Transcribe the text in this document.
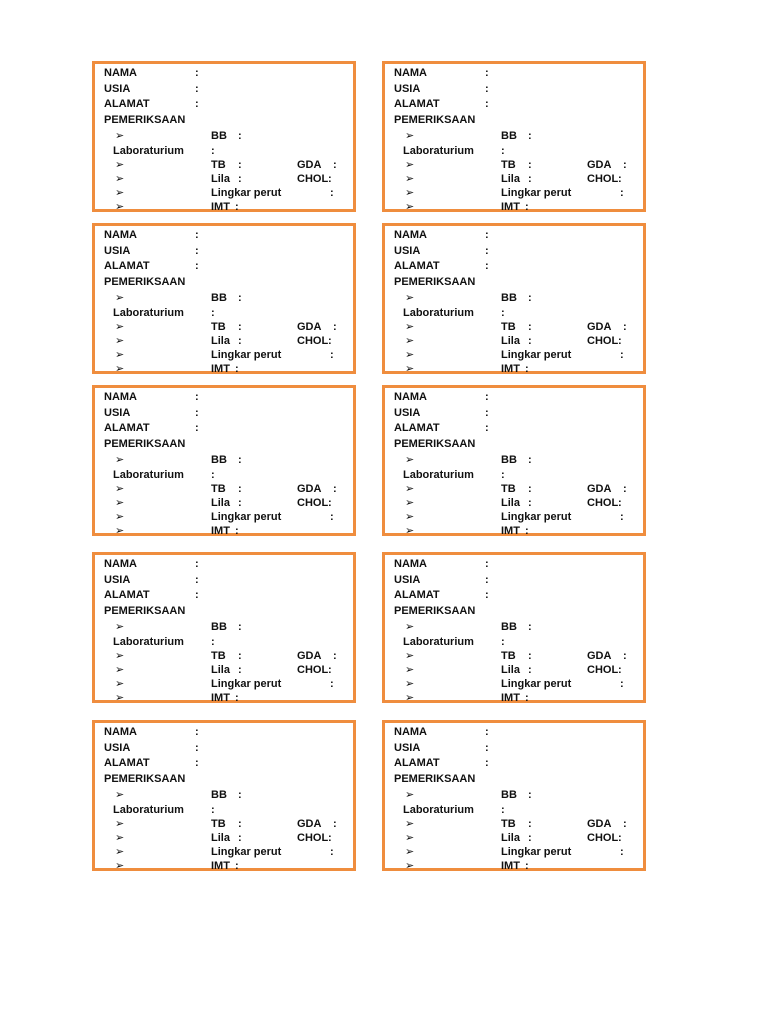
NAMA	:
USIA	:
ALAMAT	:
PEMERIKSAAN
➢	BB :
Laboraturium :
➢	TB :	GDA :
➢	Lila :	CHOL :
➢	Lingkar perut	:
➢	IMT :
NAMA	:
USIA	:
ALAMAT	:
PEMERIKSAAN
➢	BB :
Laboraturium :
➢	TB :	GDA :
➢	Lila :	CHOL :
➢	Lingkar perut	:
➢	IMT :
NAMA	:
USIA	:
ALAMAT	:
PEMERIKSAAN
➢	BB :
Laboraturium :
➢	TB :	GDA :
➢	Lila :	CHOL :
➢	Lingkar perut	:
➢	IMT :
NAMA	:
USIA	:
ALAMAT	:
PEMERIKSAAN
➢	BB :
Laboraturium :
➢	TB :	GDA :
➢	Lila :	CHOL :
➢	Lingkar perut	:
➢	IMT :
NAMA	:
USIA	:
ALAMAT	:
PEMERIKSAAN
➢	BB :
Laboraturium :
➢	TB :	GDA :
➢	Lila :	CHOL :
➢	Lingkar perut	:
➢	IMT :
NAMA	:
USIA	:
ALAMAT	:
PEMERIKSAAN
➢	BB :
Laboraturium :
➢	TB :	GDA :
➢	Lila :	CHOL :
➢	Lingkar perut	:
➢	IMT :
NAMA	:
USIA	:
ALAMAT	:
PEMERIKSAAN
➢	BB :
Laboraturium :
➢	TB :	GDA :
➢	Lila :	CHOL :
➢	Lingkar perut	:
➢	IMT :
NAMA	:
USIA	:
ALAMAT	:
PEMERIKSAAN
➢	BB :
Laboraturium :
➢	TB :	GDA :
➢	Lila :	CHOL :
➢	Lingkar perut	:
➢	IMT :
NAMA	:
USIA	:
ALAMAT	:
PEMERIKSAAN
➢	BB :
Laboraturium :
➢	TB :	GDA :
➢	Lila :	CHOL :
➢	Lingkar perut	:
➢	IMT :
NAMA	:
USIA	:
ALAMAT	:
PEMERIKSAAN
➢	BB :
Laboraturium :
➢	TB :	GDA :
➢	Lila :	CHOL :
➢	Lingkar perut	:
➢	IMT :
